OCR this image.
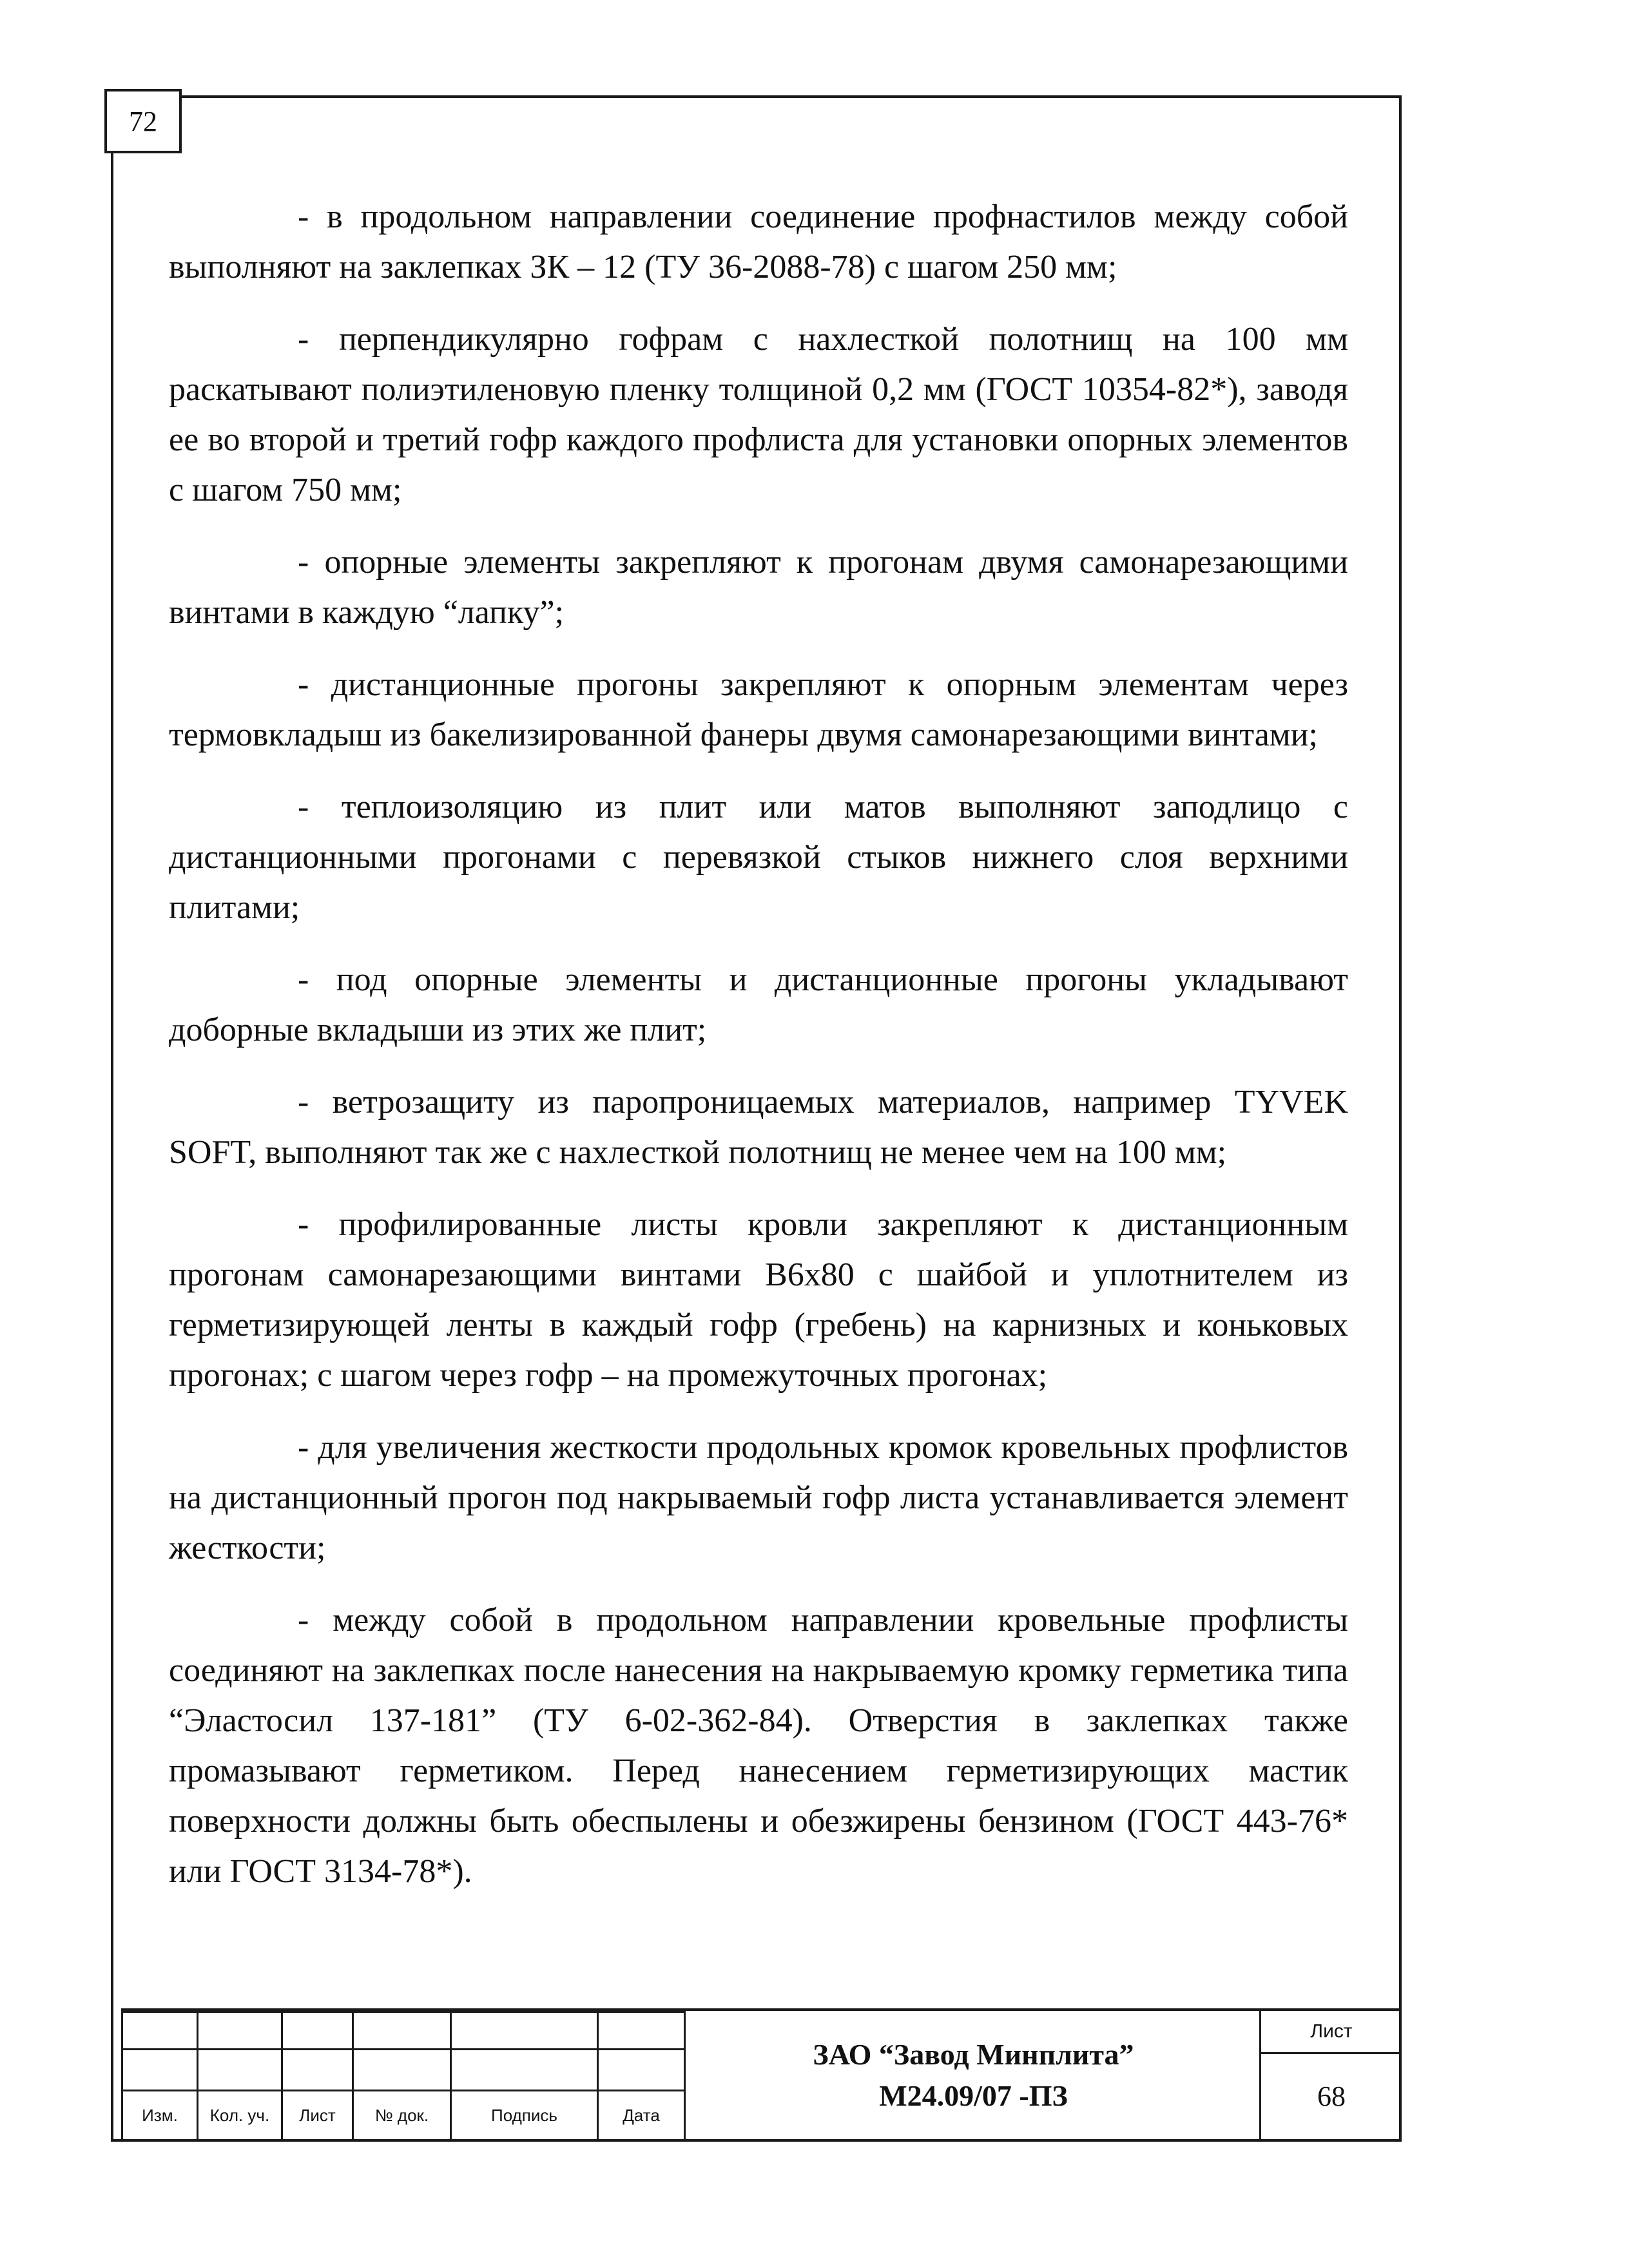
72

- в продольном направлении соединение профнастилов между собой выполняют на заклепках ЗК – 12 (ТУ 36-2088-78) с шагом 250 мм;

- перпендикулярно гофрам с нахлесткой полотнищ на 100 мм раскатывают полиэтиленовую пленку толщиной 0,2 мм (ГОСТ 10354-82*), заводя ее во второй и третий гофр каждого профлиста для установки опорных элементов с шагом 750 мм;

- опорные элементы закрепляют к прогонам двумя самонарезающими винтами в каждую “лапку”;

- дистанционные прогоны закрепляют к опорным элементам через термовкладыш из бакелизированной фанеры двумя самонарезающими винтами;

- теплоизоляцию из плит или матов выполняют заподлицо с дистанционными прогонами с перевязкой стыков нижнего слоя верхними плитами;

- под опорные элементы и дистанционные прогоны укладывают доборные вкладыши из этих же плит;

- ветрозащиту из паропроницаемых материалов, например TYVEK SOFT, выполняют так же с нахлесткой полотнищ не менее чем на 100 мм;

- профилированные листы кровли закрепляют к дистанционным прогонам самонарезающими винтами B6x80 с шайбой и уплотнителем из герметизирующей ленты в каждый гофр (гребень) на карнизных и коньковых прогонах; с шагом через гофр – на промежуточных прогонах;

- для увеличения жесткости продольных кромок кровельных профлистов на дистанционный прогон под накрываемый гофр листа устанавливается элемент жесткости;

- между собой в продольном направлении кровельные профлисты соединяют на заклепках после нанесения на накрываемую кромку герметика типа “Эластосил 137-181” (ТУ 6-02-362-84). Отверстия в заклепках также промазывают герметиком. Перед нанесением герметизирующих мастик поверхности должны быть обеспылены и обезжирены бензином (ГОСТ 443-76* или ГОСТ 3134-78*).

Изм.	Кол. уч.	Лист	№ док.	Подпись	Дата
ЗАО “Завод Минплита”
М24.09/07 -ПЗ
Лист
68
